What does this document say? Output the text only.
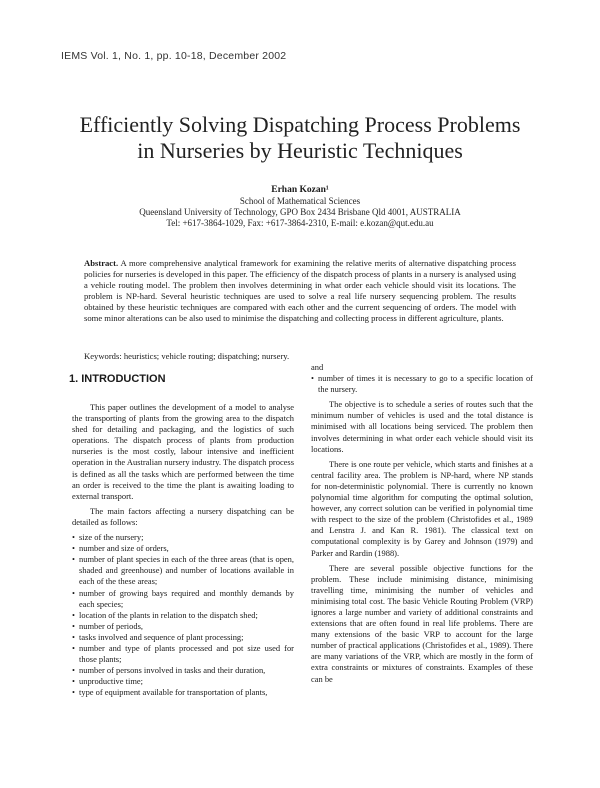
IEMS Vol. 1, No. 1, pp. 10-18, December 2002
Efficiently Solving Dispatching Process Problems
in Nurseries by Heuristic Techniques
Erhan Kozan¹
School of Mathematical Sciences
Queensland University of Technology, GPO Box 2434 Brisbane Qld 4001, AUSTRALIA
Tel: +617-3864-1029, Fax: +617-3864-2310, E-mail: e.kozan@qut.edu.au
Abstract. A more comprehensive analytical framework for examining the relative merits of alternative dispatching process policies for nurseries is developed in this paper. The efficiency of the dispatch process of plants in a nursery is analysed using a vehicle routing model. The problem then involves determining in what order each vehicle should visit its locations. The problem is NP-hard. Several heuristic techniques are used to solve a real life nursery sequencing problem. The results obtained by these heuristic techniques are compared with each other and the current sequencing of orders. The model with some minor alterations can be also used to minimise the dispatching and collecting process in different agriculture, plants.
Keywords: heuristics; vehicle routing; dispatching; nursery.
1. INTRODUCTION

This paper outlines the development of a model to analyse the transporting of plants from the growing area to the dispatch shed for detailing and packaging, and the logistics of such operations. The dispatch process of plants from production nurseries is the most costly, labour intensive and inefficient operation in the Australian nursery industry. The dispatch process is defined as all the tasks which are performed between the time an order is received to the time the plant is awaiting loading to external transport.

The main factors affecting a nursery dispatching can be detailed as follows:

• size of the nursery;
• number and size of orders,
• number of plant species in each of the three areas (that is open, shaded and greenhouse) and number of locations available in each of the these areas;
• number of growing bays required and monthly demands by each species;
• location of the plants in relation to the dispatch shed;
• number of periods,
• tasks involved and sequence of plant processing;
• number and type of plants processed and pot size used for those plants;
• number of persons involved in tasks and their duration,
• unproductive time;
• type of equipment available for transportation of plants,
and
• number of times it is necessary to go to a specific location of the nursery.

The objective is to schedule a series of routes such that the minimum number of vehicles is used and the total distance is minimised with all locations being serviced. The problem then involves determining in what order each vehicle should visit its locations.

There is one route per vehicle, which starts and finishes at a central facility area. The problem is NP-hard, where NP stands for non-deterministic polynomial. There is currently no known polynomial time algorithm for computing the optimal solution, however, any correct solution can be verified in polynomial time with respect to the size of the problem (Christofides et al., 1989 and Lenstra J. and Kan R. 1981). The classical text on computational complexity is by Garey and Johnson (1979) and Parker and Rardin (1988).

There are several possible objective functions for the problem. These include minimising distance, minimising travelling time, minimising the number of vehicles and minimising total cost. The basic Vehicle Routing Problem (VRP) ignores a large number and variety of additional constraints and extensions that are often found in real life problems. There are many extensions of the basic VRP to account for the large number of practical applications (Christofides et al., 1989). There are many variations of the VRP, which are mostly in the form of extra constraints or mixtures of constraints. Examples of these can be
